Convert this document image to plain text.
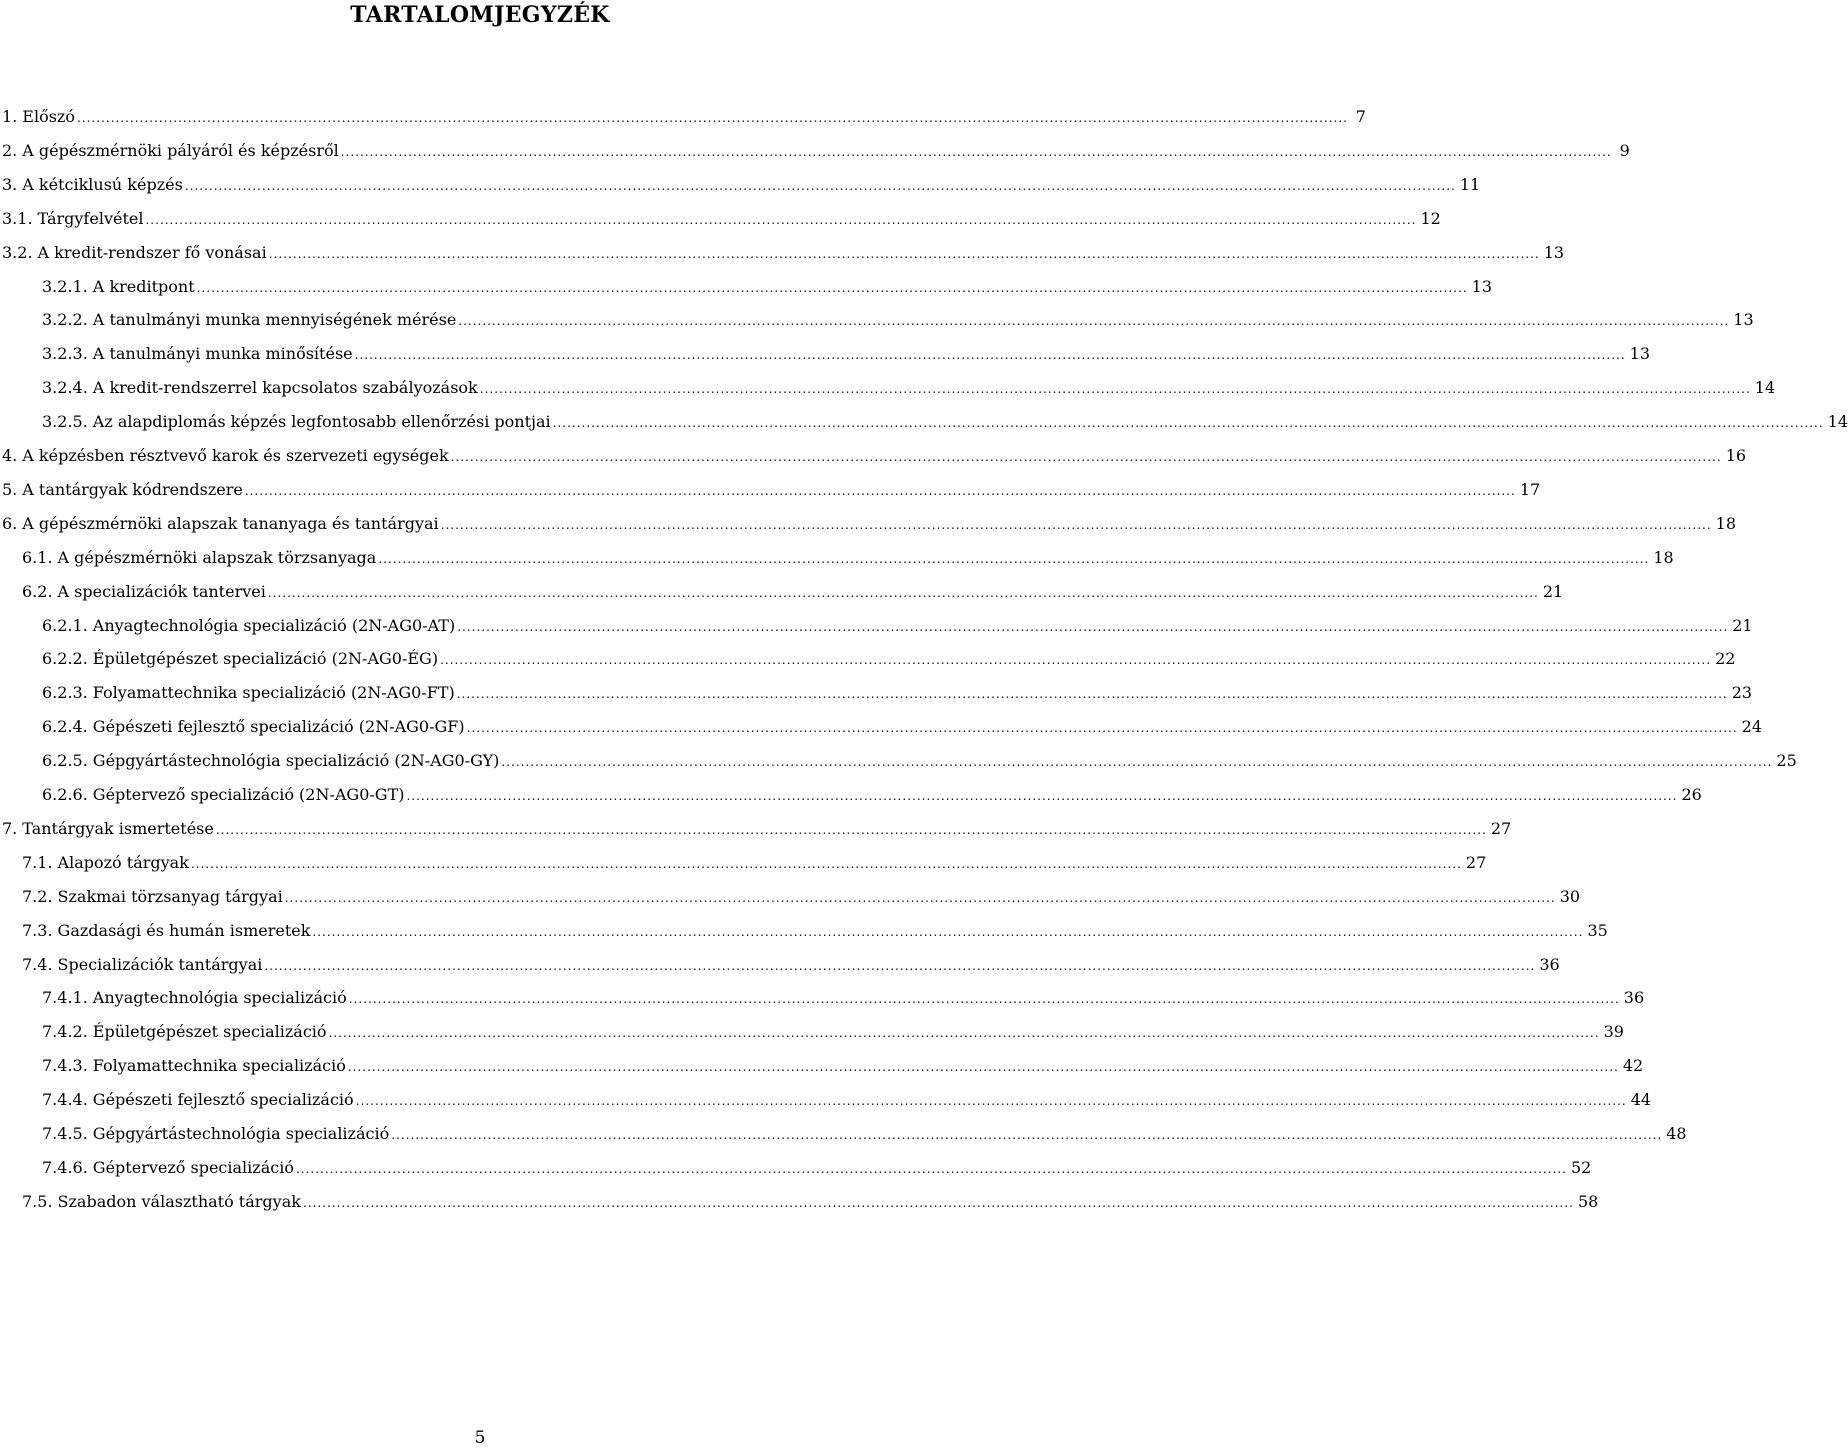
TARTALOMJEGYZÉK
1. Előszó .....	7
2. A gépészmérnöki pályáról és képzésről .....	9
3. A kétciklusú képzés .....	11
3.1. Tárgyfelvétel .....	12
3.2. A kredit-rendszer fő vonásai .....	13
3.2.1. A kreditpont .....	13
3.2.2. A tanulmányi munka mennyiségének mérése .....	13
3.2.3. A tanulmányi munka minősítése .....	13
3.2.4. A kredit-rendszerrel kapcsolatos szabályozások .....	14
3.2.5. Az alapdiplomás képzés legfontosabb ellenőrzési pontjai .....	14
4. A képzésben résztvevő karok és szervezeti egységek .....	16
5. A tantárgyak kódrendszere .....	17
6. A gépészmérnöki alapszak tananyaga és tantárgyai .....	18
6.1. A gépészmérnöki alapszak törzsanyaga .....	18
6.2. A specializációk tantervei .....	21
6.2.1. Anyagtechnológia specializáció (2N-AG0-AT) .....	21
6.2.2. Épületgépészet specializáció (2N-AG0-ÉG) .....	22
6.2.3. Folyamattechnika specializáció (2N-AG0-FT) .....	23
6.2.4. Gépészeti fejlesztő specializáció (2N-AG0-GF) .....	24
6.2.5. Gépgyártástechnológia specializáció (2N-AG0-GY) .....	25
6.2.6. Géptervező specializáció (2N-AG0-GT) .....	26
7. Tantárgyak ismertetése .....	27
7.1. Alapozó tárgyak .....	27
7.2. Szakmai törzsanyag tárgyai .....	30
7.3. Gazdasági és humán ismeretek .....	35
7.4. Specializációk tantárgyai .....	36
7.4.1. Anyagtechnológia specializáció .....	36
7.4.2. Épületgépészet specializáció .....	39
7.4.3. Folyamattechnika specializáció .....	42
7.4.4. Gépészeti fejlesztő specializáció .....	44
7.4.5. Gépgyártástechnológia specializáció .....	48
7.4.6. Géptervező specializáció .....	52
7.5. Szabadon választható tárgyak .....	58
5
